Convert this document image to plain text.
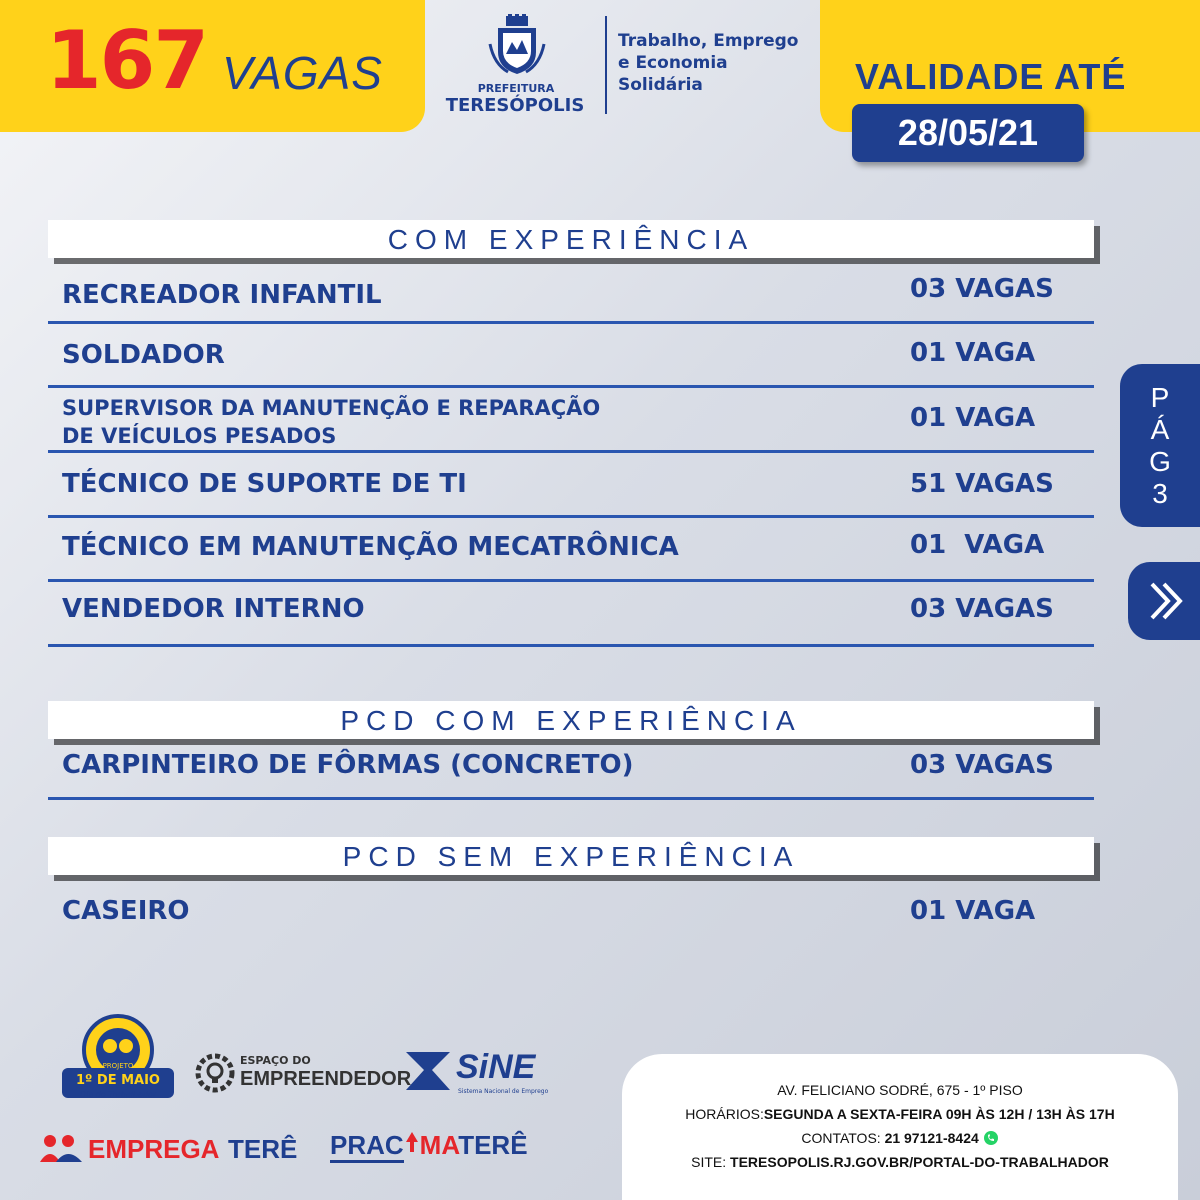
167 VAGAS	PREFEITURA
TERESÓPOLIS
Trabalho, Emprego
e Economia
Solidária	VALIDADE ATÉ
28/05/21
COM EXPERIÊNCIA
RECREADOR INFANTIL	03 VAGAS
SOLDADOR	01 VAGA
SUPERVISOR DA MANUTENÇÃO E REPARAÇÃO
DE VEÍCULOS PESADOS
01 VAGA
TÉCNICO DE SUPORTE DE TI	51 VAGAS
TÉCNICO EM MANUTENÇÃO MECATRÔNICA	01  VAGA
VENDEDOR INTERNO	03 VAGAS
PCD COM EXPERIÊNCIA
CARPINTEIRO DE FÔRMAS (CONCRETO)	03 VAGAS
PCD SEM EXPERIÊNCIA
CASEIRO	01 VAGA
P
Á
G
3
PROJETO
1º DE MAIO
Dia do Trabalhador
ESPAÇO DO
EMPREENDEDOR SiNE
Sistema Nacional de Emprego
EMPREGA TERÊ PRAC MATERÊ
AV. FELICIANO SODRÉ, 675 - 1º PISO
HORÁRIOS:SEGUNDA A SEXTA-FEIRA 09H ÀS 12H / 13H ÀS 17H
CONTATOS: 21 97121-8424
SITE: TERESOPOLIS.RJ.GOV.BR/PORTAL-DO-TRABALHADOR
